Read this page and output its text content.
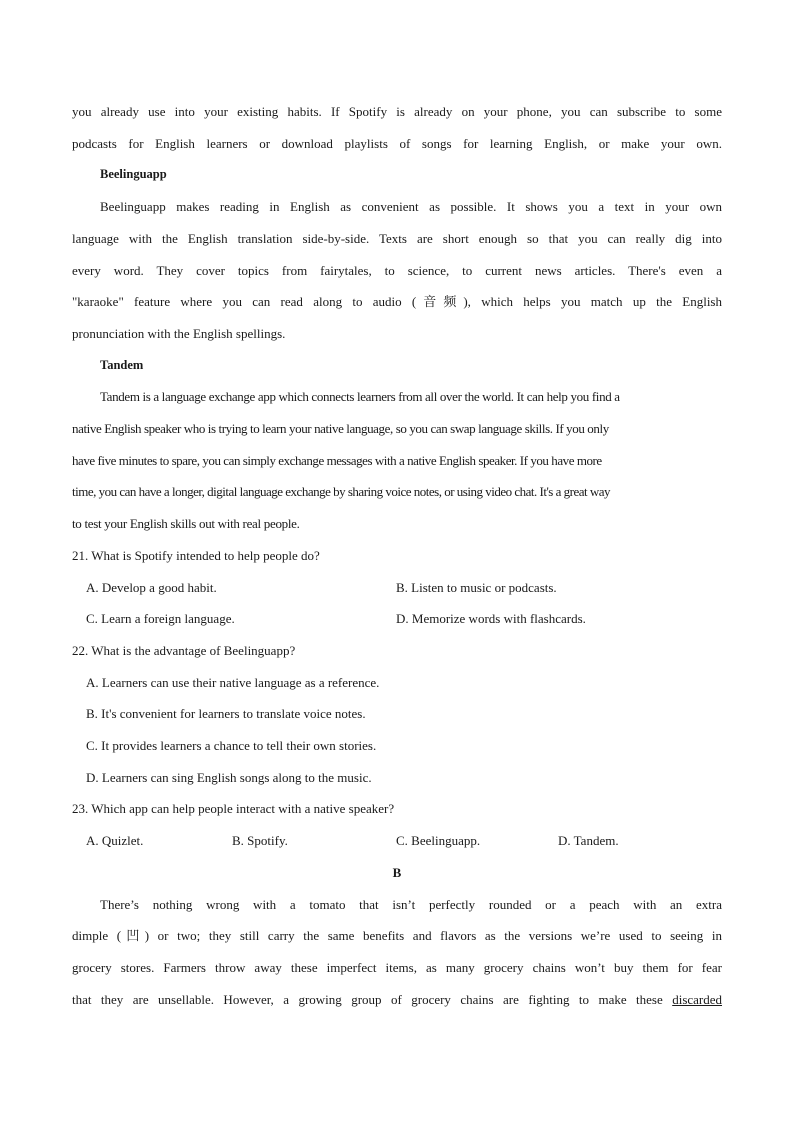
you already use into your existing habits. If Spotify is already on your phone, you can subscribe to some
podcasts for English learners or download playlists of songs for learning English, or make your own.
Beelinguapp
Beelinguapp makes reading in English as convenient as possible. It shows you a text in your own
language with the English translation side-by-side. Texts are short enough so that you can really dig into
every word. They cover topics from fairytales, to science, to current news articles. There's even a
"karaoke" feature where you can read along to audio (音频), which helps you match up the English
pronunciation with the English spellings.
Tandem
Tandem is a language exchange app which connects learners from all over the world. It can help you find a
native English speaker who is trying to learn your native language, so you can swap language skills. If you only
have five minutes to spare, you can simply exchange messages with a native English speaker. If you have more
time, you can have a longer, digital language exchange by sharing voice notes, or using video chat. It's a great way
to test your English skills out with real people.
21. What is Spotify intended to help people do?
A. Develop a good habit.	B. Listen to music or podcasts.
C. Learn a foreign language.	D. Memorize words with flashcards.
22. What is the advantage of Beelinguapp?
A. Learners can use their native language as a reference.
B. It's convenient for learners to translate voice notes.
C. It provides learners a chance to tell their own stories.
D. Learners can sing English songs along to the music.
23. Which app can help people interact with a native speaker?
A. Quizlet.	B. Spotify.	C. Beelinguapp.	D. Tandem.
B
There’s nothing wrong with a tomato that isn’t perfectly rounded or a peach with an extra
dimple (凹) or two; they still carry the same benefits and flavors as the versions we’re used to seeing in
grocery stores. Farmers throw away these imperfect items, as many grocery chains won’t buy them for fear
that they are unsellable. However, a growing group of grocery chains are fighting to make these discarded
